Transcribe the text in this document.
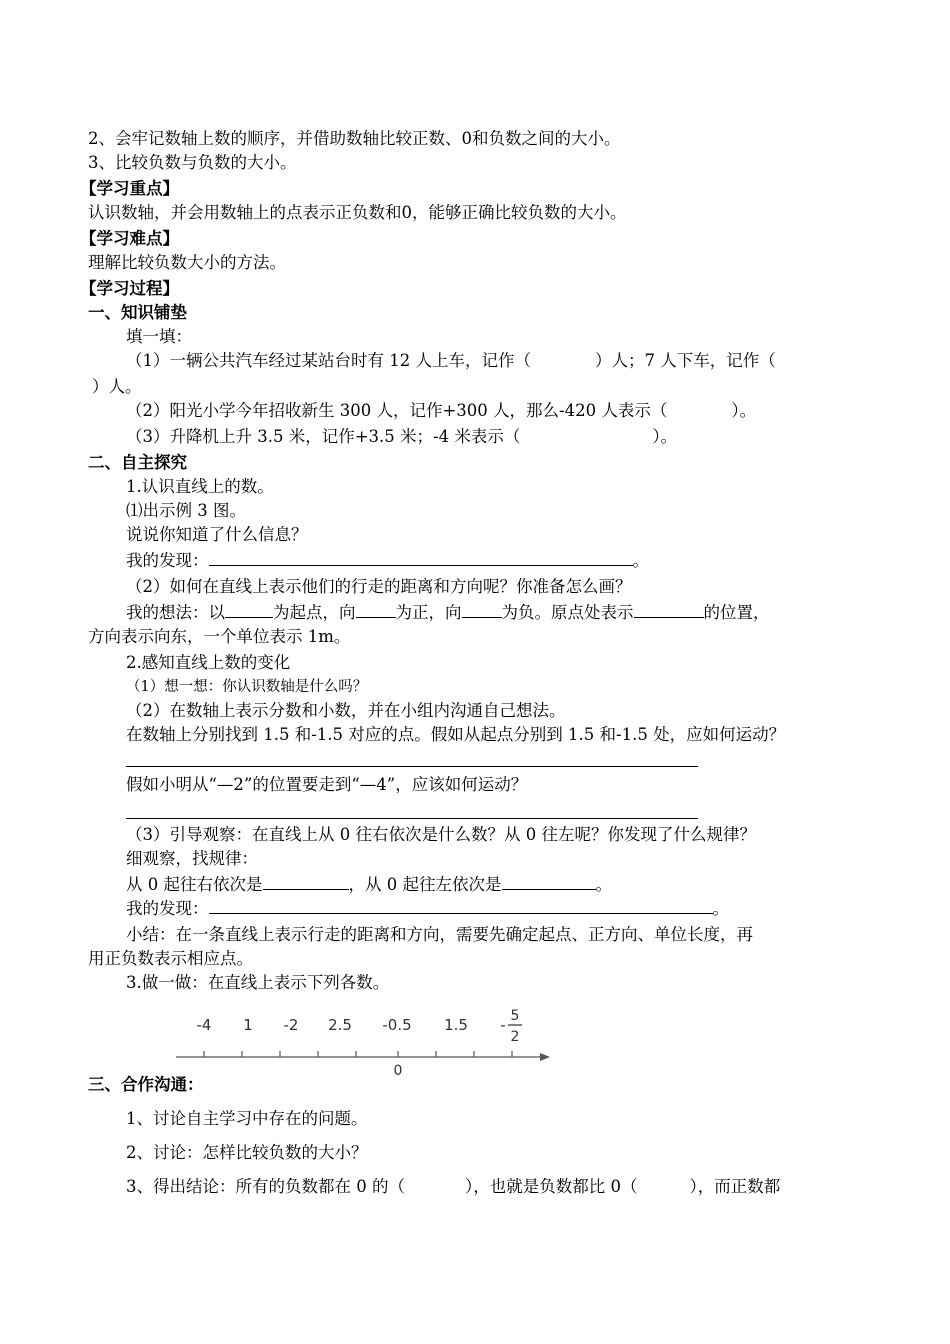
2、会牢记数轴上数的顺序，并借助数轴比较正数、0和负数之间的大小。
3、比较负数与负数的大小。
【学习重点】
认识数轴，并会用数轴上的点表示正负数和0，能够正确比较负数的大小。
【学习难点】
理解比较负数大小的方法。
【学习过程】
一、知识铺垫
填一填：
（1）一辆公共汽车经过某站台时有 12 人上车，记作（	）人；7 人下车，记作（
）人。
（2）阳光小学今年招收新生 300 人，记作+300 人，那么-420 人表示（	）。
（3）升降机上升 3.5 米，记作+3.5 米；-4 米表示（	）。
二、自主探究
1.认识直线上的数。
⑴出示例 3 图。
说说你知道了什么信息？
我的发现：	。
（2）如何在直线上表示他们的行走的距离和方向呢？你准备怎么画？
我的想法：以	为起点，向 为正，向 为负。原点处表示	的位置，
方向表示向东，一个单位表示 1m。
2.感知直线上数的变化
（1）想一想：你认识数轴是什么吗？
（2）在数轴上表示分数和小数，并在小组内沟通自己想法。
在数轴上分别找到 1.5 和-1.5 对应的点。假如从起点分别到 1.5 和-1.5 处，应如何运动？
假如小明从“—2”的位置要走到“—4”，应该如何运动？
（3）引导观察：在直线上从 0 往右依次是什么数？从 0 往左呢？你发现了什么规律？
细观察，找规律：
从 0 起往右依次是	，从 0 起往左依次是	。
我的发现：	。
小结：在一条直线上表示行走的距离和方向，需要先确定起点、正方向、单位长度，再
用正负数表示相应点。
3.做一做：在直线上表示下列各数。
-4 1 -2 2.5 -0.5 1.5 - 5
2
0
三、合作沟通：
1、讨论自主学习中存在的问题。
2、讨论：怎样比较负数的大小？
3、得出结论：所有的负数都在 0 的（	），也就是负数都比 0（	），而正数都
